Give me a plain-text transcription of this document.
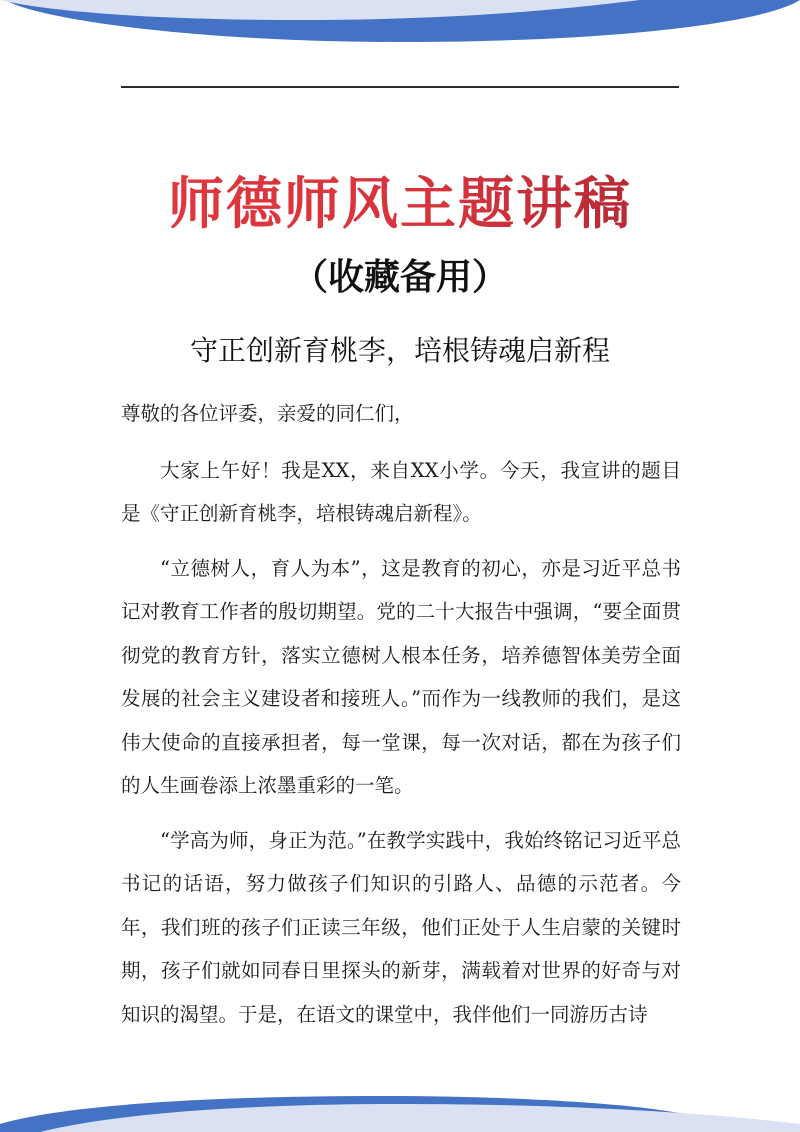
师德师风主题讲稿
（收藏备用）
守正创新育桃李，培根铸魂启新程

尊敬的各位评委，亲爱的同仁们，

大家上午好！我是XX，来自XX小学。今天，我宣讲的题目是《守正创新育桃李，培根铸魂启新程》。

“立德树人，育人为本”，这是教育的初心，亦是习近平总书记对教育工作者的殷切期望。党的二十大报告中强调，“要全面贯彻党的教育方针，落实立德树人根本任务，培养德智体美劳全面发展的社会主义建设者和接班人。”而作为一线教师的我们，是这伟大使命的直接承担者，每一堂课，每一次对话，都在为孩子们的人生画卷添上浓墨重彩的一笔。

“学高为师，身正为范。”在教学实践中，我始终铭记习近平总书记的话语，努力做孩子们知识的引路人、品德的示范者。今年，我们班的孩子们正读三年级，他们正处于人生启蒙的关键时期，孩子们就如同春日里探头的新芽，满载着对世界的好奇与对知识的渴望。于是，在语文的课堂中，我伴他们一同游历古诗
